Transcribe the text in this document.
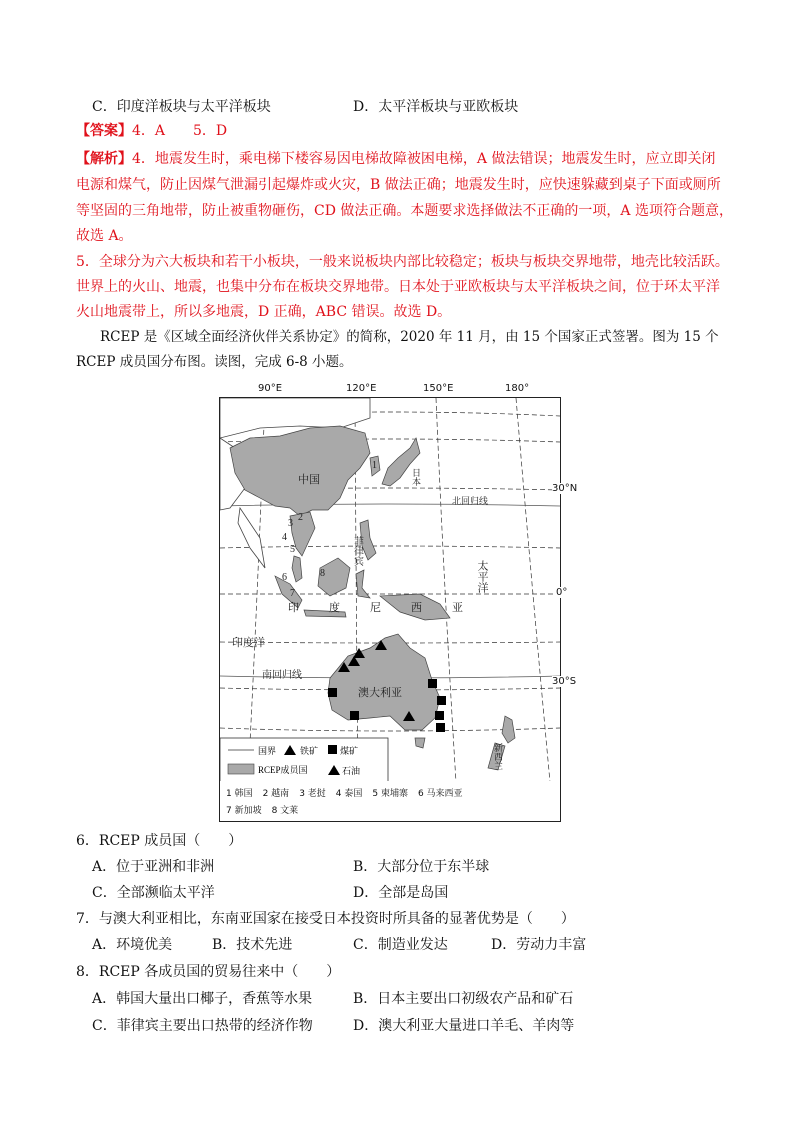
C．印度洋板块与太平洋板块	D．太平洋板块与亚欧板块
【答案】4．A　　5．D
【解析】4．地震发生时，乘电梯下楼容易因电梯故障被困电梯，A 做法错误；地震发生时，应立即关闭
电源和煤气，防止因煤气泄漏引起爆炸或火灾，B 做法正确；地震发生时，应快速躲藏到桌子下面或厕所
等坚固的三角地带，防止被重物砸伤，CD 做法正确。本题要求选择做法不正确的一项，A 选项符合题意，
故选 A。
5．全球分为六大板块和若干小板块，一般来说板块内部比较稳定；板块与板块交界地带，地壳比较活跃。
世界上的火山、地震，也集中分布在板块交界地带。日本处于亚欧板块与太平洋板块之间，位于环太平洋
火山地震带上，所以多地震，D 正确，ABC 错误。故选 D。
RCEP 是《区域全面经济伙伴关系协定》的简称，2020 年 11 月，由 15 个国家正式签署。图为 15 个
RCEP 成员国分布图。读图，完成 6-8 小题。
90°E	120°E	150°E	180°
中国	日本
菲律宾
印度尼西亚
澳大利亚
新西兰
太平洋
印度洋
北回归线
南回归线
1
2
3
4
5
6
7
8
国界	铁矿 煤矿
RCEP成员国	石油
30°N
0°
30°S
1 韩国 2 越南 3 老挝 4 泰国 5 柬埔寨 6 马来西亚
7 新加坡 8 文莱
6．RCEP 成员国（　　）
A．位于亚洲和非洲	B．大部分位于东半球
C．全部濒临太平洋	D．全部是岛国
7．与澳大利亚相比，东南亚国家在接受日本投资时所具备的显著优势是（　　）
A．环境优美	B．技术先进	C．制造业发达	D．劳动力丰富
8．RCEP 各成员国的贸易往来中（　　）
A．韩国大量出口椰子，香蕉等水果	B．日本主要出口初级农产品和矿石
C．菲律宾主要出口热带的经济作物	D．澳大利亚大量进口羊毛、羊肉等
